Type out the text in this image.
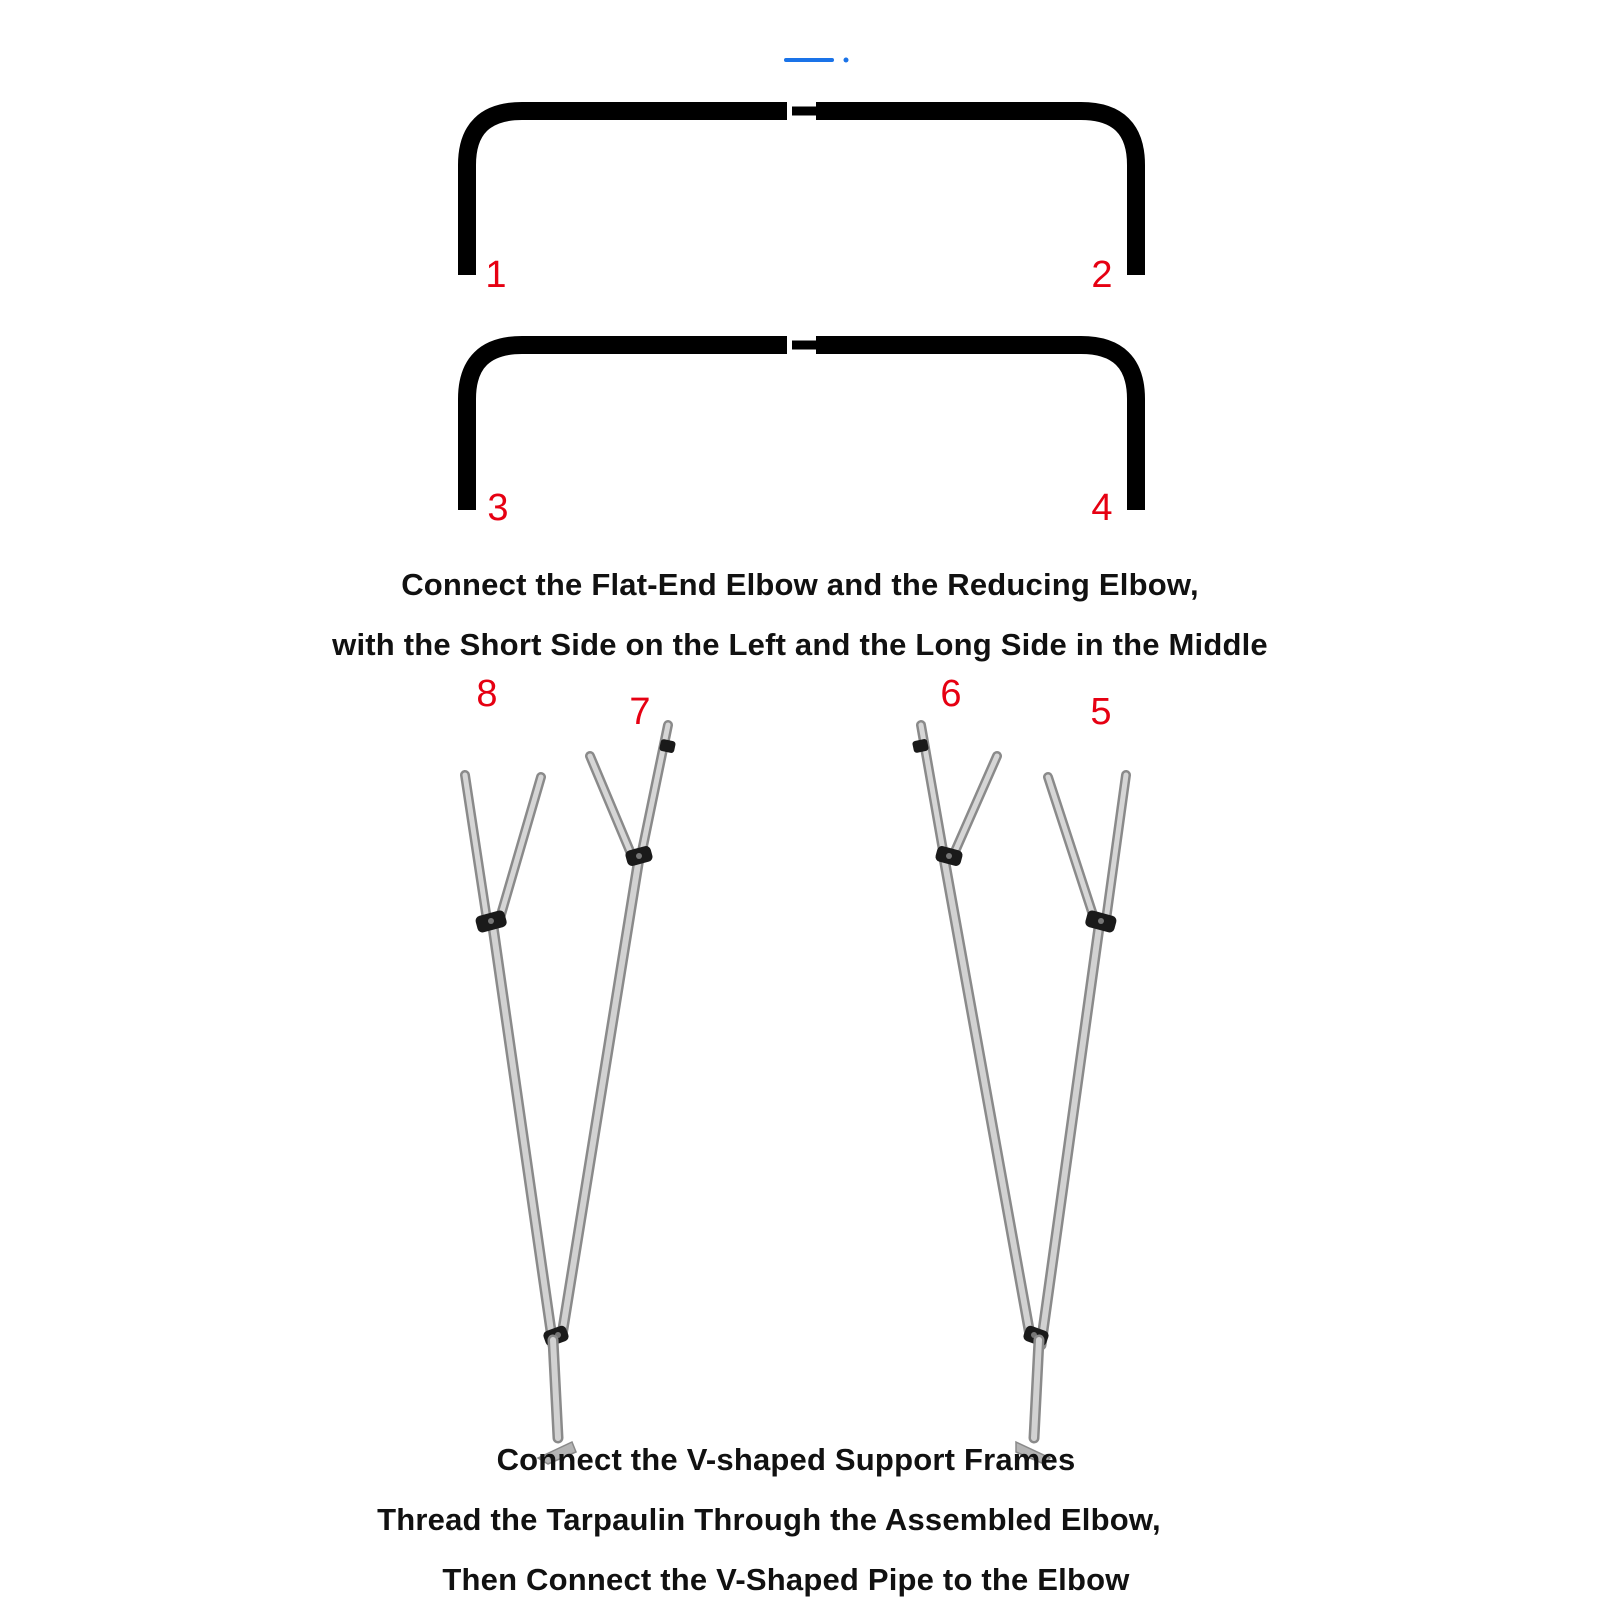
1	2
3	4
8	7	6	5
Connect the Flat-End Elbow and the Reducing Elbow,
with the Short Side on the Left and the Long Side in the Middle
Connect the V-shaped Support Frames
Thread the Tarpaulin Through the Assembled Elbow,
Then Connect the V-Shaped Pipe to the Elbow
